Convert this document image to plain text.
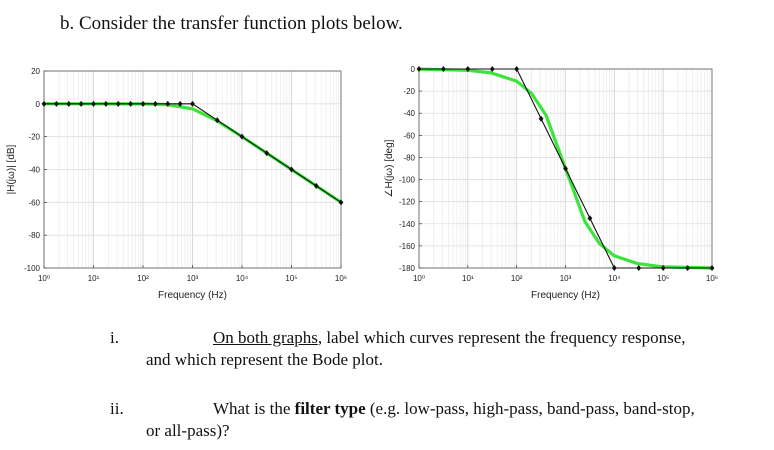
b. Consider the transfer function plots below.
20
0
-20
-40
-60
-80
-100
10⁰	10¹	10²	10³	10⁴	10⁵	10⁶
Frequency (Hz)
|H(jω)| [dB]
0
-20
-40
-60
-80
-100
-120
-140
-160
-180
10⁰	10¹	10²	10³	10⁴	10⁵	10⁶
Frequency (Hz)
∠H(jω) [deg]
i.	On both graphs, label which curves represent the frequency response,
and which represent the Bode plot.
ii.	What is the filter type (e.g. low-pass, high-pass, band-pass, band-stop,
or all-pass)?
